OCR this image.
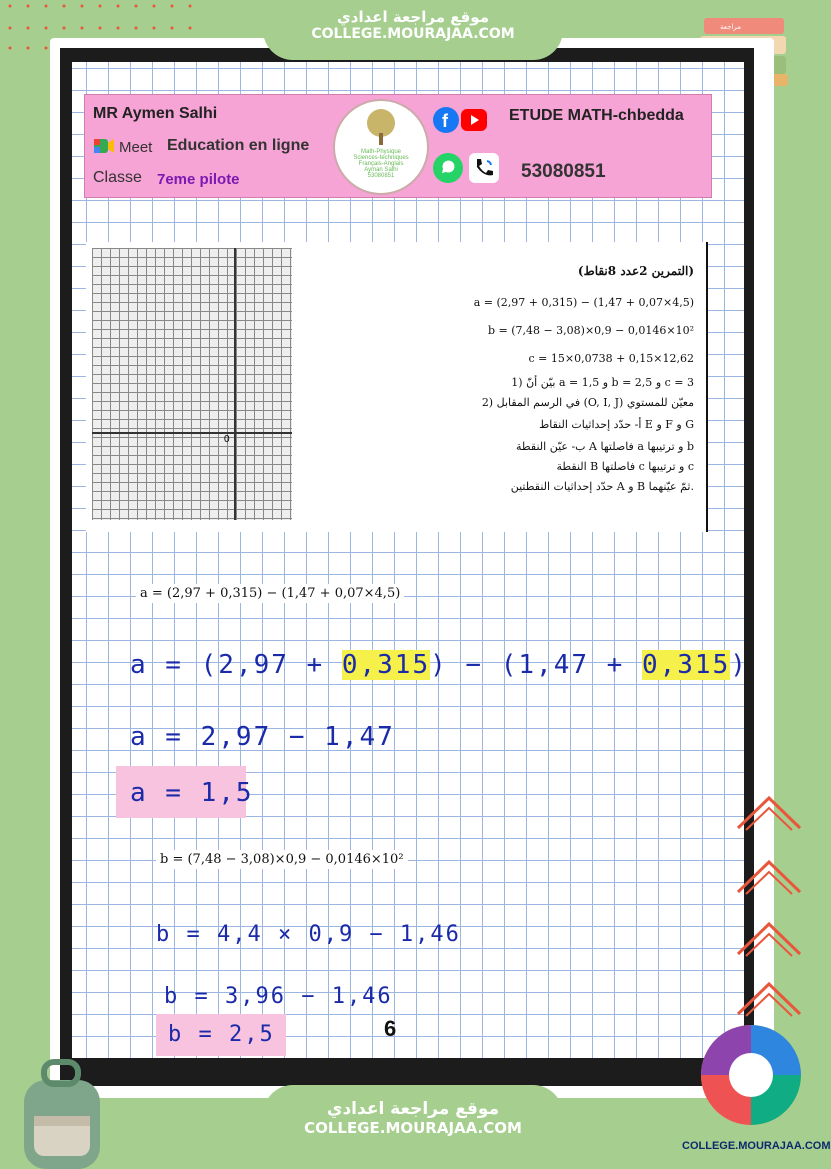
موقع مراجعة اعدادي
COLLEGE.MOURAJAA.COM	مراجعة
MR Aymen Salhi
Meet Education en ligne
Classe 7eme pilote
Math-Physique
Sciences-techniques
Français-Anglais
Ayman Salhi
53080851
f	ETUDE MATH-chbedda
53080851
0
(التمرين 2عدد 8نقاط)
a = (2,97 + 0,315) − (1,47 + 0,07×4,5)
b = (7,48 − 3,08)×0,9 − 0,0146×10²
c = 15×0,0738 + 0,15×12,62
1) بيّن أنّ a = 1,5 و b = 2,5 و c = 3
2) في الرسم المقابل (O, I, J) معيّن للمستوي
أ- حدّد إحداثيات النقاط E و F و G
ب- عيّن النقطة A فاصلتها a و ترتيبها b
النقطة B فاصلتها c و ترتيبها c
حدّد إحداثيات النقطتين A و B ثمّ عيّنهما.
a = (2,97 + 0,315) − (1,47 + 0,07×4,5)
a = (2,97 + 0,315) − (1,47 + 0,315)
a = 2,97 − 1,47
a = 1,5
b = (7,48 − 3,08)×0,9 − 0,0146×10²
b = 4,4 × 0,9 − 1,46
b = 3,96 − 1,46
b = 2,5	6
موقع مراجعة اعدادي
COLLEGE.MOURAJAA.COM
COLLEGE.MOURAJAA.COM
